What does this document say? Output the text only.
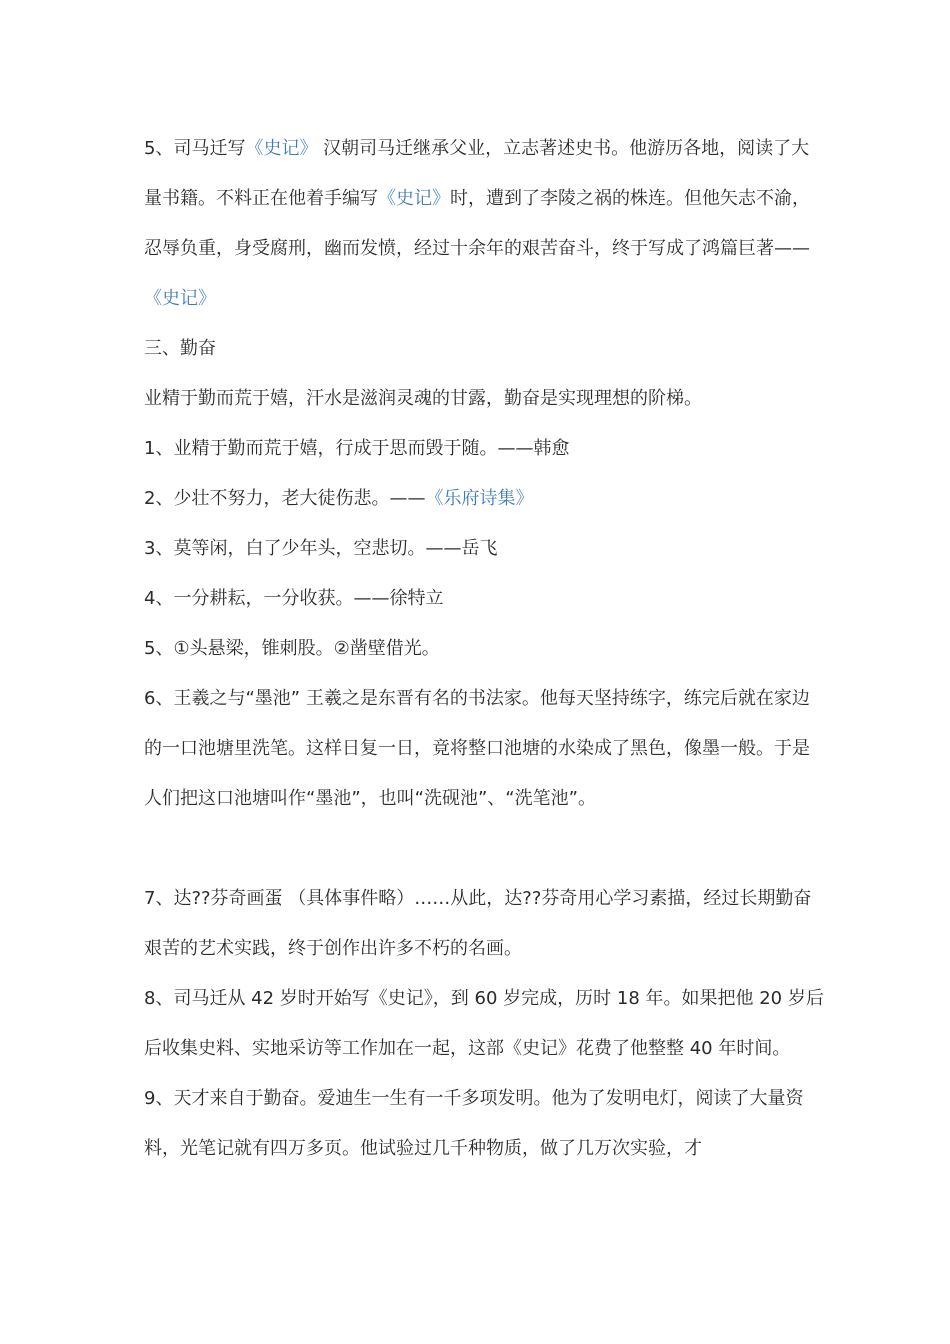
5、司马迁写《史记》 汉朝司马迁继承父业，立志著述史书。他游历各地，阅读了大量书籍。不料正在他着手编写《史记》时，遭到了李陵之祸的株连。但他矢志不渝，忍辱负重，身受腐刑，幽而发愤，经过十余年的艰苦奋斗，终于写成了鸿篇巨著——《史记》

三、勤奋

业精于勤而荒于嬉，汗水是滋润灵魂的甘露，勤奋是实现理想的阶梯。

1、业精于勤而荒于嬉，行成于思而毁于随。——韩愈

2、少壮不努力，老大徒伤悲。——《乐府诗集》

3、莫等闲，白了少年头，空悲切。——岳飞

4、一分耕耘，一分收获。——徐特立

5、①头悬梁，锥刺股。②凿壁借光。

6、王羲之与“墨池” 王羲之是东晋有名的书法家。他每天坚持练字，练完后就在家边的一口池塘里洗笔。这样日复一日，竟将整口池塘的水染成了黑色，像墨一般。于是人们把这口池塘叫作“墨池”，也叫“洗砚池”、“洗笔池”。

7、达??芬奇画蛋 （具体事件略）……从此，达??芬奇用心学习素描，经过长期勤奋艰苦的艺术实践，终于创作出许多不朽的名画。

8、司马迁从 42 岁时开始写《史记》，到 60 岁完成，历时 18 年。如果把他 20 岁后后收集史料、实地采访等工作加在一起，这部《史记》花费了他整整 40 年时间。

9、天才来自于勤奋。爱迪生一生有一千多项发明。他为了发明电灯，阅读了大量资料，光笔记就有四万多页。他试验过几千种物质，做了几万次实验，才
